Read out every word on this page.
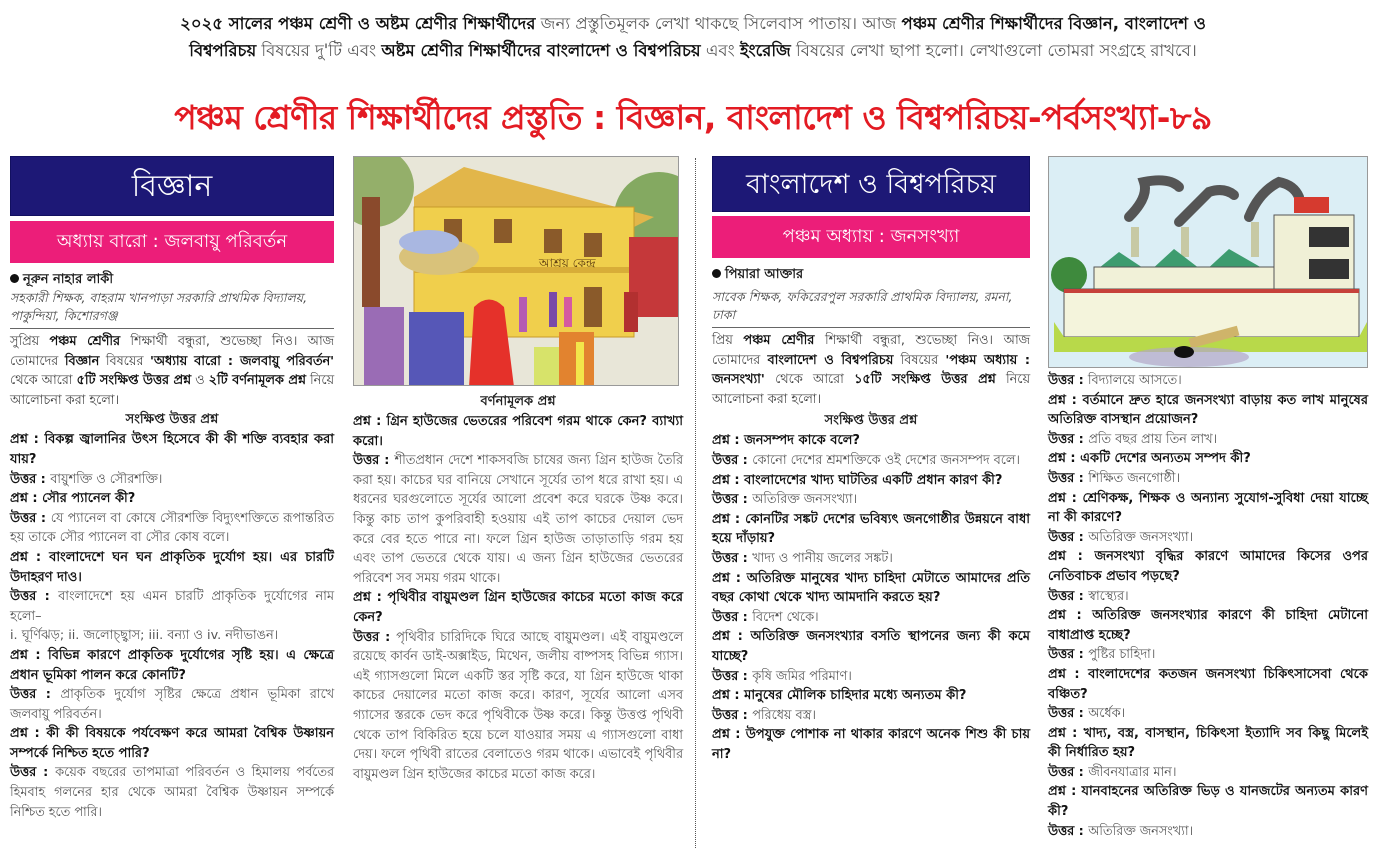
২০২৫ সালের পঞ্চম শ্রেণী ও অষ্টম শ্রেণীর শিক্ষার্থীদের জন্য প্রস্তুতিমূলক লেখা থাকছে সিলেবাস পাতায়। আজ পঞ্চম শ্রেণীর শিক্ষার্থীদের বিজ্ঞান, বাংলাদেশ ও
বিশ্বপরিচয় বিষয়ের দু'টি এবং অষ্টম শ্রেণীর শিক্ষার্থীদের বাংলাদেশ ও বিশ্বপরিচয় এবং ইংরেজি বিষয়ের লেখা ছাপা হলো। লেখাগুলো তোমরা সংগ্রহে রাখবে।
পঞ্চম শ্রেণীর শিক্ষার্থীদের প্রস্তুতি : বিজ্ঞান, বাংলাদেশ ও বিশ্বপরিচয়-পর্বসংখ্যা-৮৯
বিজ্ঞান
অধ্যায় বারো : জলবায়ু পরিবর্তন
নূরুন নাহার লাকী
সহকারী শিক্ষক, বাহরাম খানপাড়া সরকারি প্রাথমিক বিদ্যালয়, পাকুন্দিয়া, কিশোরগঞ্জ
সুপ্রিয় পঞ্চম শ্রেণীর শিক্ষার্থী বন্ধুরা, শুভেচ্ছা নিও। আজ তোমাদের বিজ্ঞান বিষয়ের 'অধ্যায় বারো : জলবায়ু পরিবর্তন' থেকে আরো ৫টি সংক্ষিপ্ত উত্তর প্রশ্ন ও ২টি বর্ণনামূলক প্রশ্ন নিয়ে আলোচনা করা হলো।
সংক্ষিপ্ত উত্তর প্রশ্ন
প্রশ্ন : বিকল্প জ্বালানির উৎস হিসেবে কী কী শক্তি ব্যবহার করা যায়?
উত্তর : বায়ুশক্তি ও সৌরশক্তি।
প্রশ্ন : সৌর প্যানেল কী?
উত্তর : যে প্যানেল বা কোষে সৌরশক্তি বিদ্যুৎশক্তিতে রূপান্তরিত হয় তাকে সৌর প্যানেল বা সৌর কোষ বলে।
প্রশ্ন : বাংলাদেশে ঘন ঘন প্রাকৃতিক দুর্যোগ হয়। এর চারটি উদাহরণ দাও।
উত্তর : বাংলাদেশে হয় এমন চারটি প্রাকৃতিক দুর্যোগের নাম হলো–
i. ঘূর্ণিঝড়; ii. জলোচ্ছ্বাস; iii. বন্যা ও iv. নদীভাঙন।
প্রশ্ন : বিভিন্ন কারণে প্রাকৃতিক দুর্যোগের সৃষ্টি হয়। এ ক্ষেত্রে প্রধান ভূমিকা পালন করে কোনটি?
উত্তর : প্রাকৃতিক দুর্যোগ সৃষ্টির ক্ষেত্রে প্রধান ভূমিকা রাখে জলবায়ু পরিবর্তন।
প্রশ্ন : কী কী বিষয়কে পর্যবেক্ষণ করে আমরা বৈশ্বিক উষ্ণায়ন সম্পর্কে নিশ্চিত হতে পারি?
উত্তর : কয়েক বছরের তাপমাত্রা পরিবর্তন ও হিমালয় পর্বতের হিমবাহ গলনের হার থেকে আমরা বৈশ্বিক উষ্ণায়ন সম্পর্কে নিশ্চিত হতে পারি।
আশ্রয় কেন্দ্র
বর্ণনামূলক প্রশ্ন
প্রশ্ন : গ্রিন হাউজের ভেতরের পরিবেশ গরম থাকে কেন? ব্যাখ্যা করো।
উত্তর : শীতপ্রধান দেশে শাকসবজি চাষের জন্য গ্রিন হাউজ তৈরি করা হয়। কাচের ঘর বানিয়ে সেখানে সূর্যের তাপ ধরে রাখা হয়। এ ধরনের ঘরগুলোতে সূর্যের আলো প্রবেশ করে ঘরকে উষ্ণ করে। কিন্তু কাচ তাপ কুপরিবাহী হওয়ায় এই তাপ কাচের দেয়াল ভেদ করে বের হতে পারে না। ফলে গ্রিন হাউজ তাড়াতাড়ি গরম হয় এবং তাপ ভেতরে থেকে যায়। এ জন্য গ্রিন হাউজের ভেতরের পরিবেশ সব সময় গরম থাকে।
প্রশ্ন : পৃথিবীর বায়ুমণ্ডল গ্রিন হাউজের কাচের মতো কাজ করে কেন?
উত্তর : পৃথিবীর চারিদিকে ঘিরে আছে বায়ুমণ্ডল। এই বায়ুমণ্ডলে রয়েছে কার্বন ডাই-অক্সাইড, মিথেন, জলীয় বাষ্পসহ বিভিন্ন গ্যাস। এই গ্যাসগুলো মিলে একটি স্তর সৃষ্টি করে, যা গ্রিন হাউজে থাকা কাচের দেয়ালের মতো কাজ করে। কারণ, সূর্যের আলো এসব গ্যাসের স্তরকে ভেদ করে পৃথিবীকে উষ্ণ করে। কিন্তু উত্তপ্ত পৃথিবী থেকে তাপ বিকিরিত হয়ে চলে যাওয়ার সময় এ গ্যাসগুলো বাধা দেয়। ফলে পৃথিবী রাতের বেলাতেও গরম থাকে। এভাবেই পৃথিবীর বায়ুমণ্ডল গ্রিন হাউজের কাচের মতো কাজ করে।
বাংলাদেশ ও বিশ্বপরিচয়
পঞ্চম অধ্যায় : জনসংখ্যা
পিয়ারা আক্তার
সাবেক শিক্ষক, ফকিরেরপুল সরকারি প্রাথমিক বিদ্যালয়, রমনা, ঢাকা
প্রিয় পঞ্চম শ্রেণীর শিক্ষার্থী বন্ধুরা, শুভেচ্ছা নিও। আজ তোমাদের বাংলাদেশ ও বিশ্বপরিচয় বিষয়ের 'পঞ্চম অধ্যায় : জনসংখ্যা' থেকে আরো ১৫টি সংক্ষিপ্ত উত্তর প্রশ্ন নিয়ে আলোচনা করা হলো।
সংক্ষিপ্ত উত্তর প্রশ্ন
প্রশ্ন : জনসম্পদ কাকে বলে?
উত্তর : কোনো দেশের শ্রমশক্তিকে ওই দেশের জনসম্পদ বলে।
প্রশ্ন : বাংলাদেশের খাদ্য ঘাটতির একটি প্রধান কারণ কী?
উত্তর : অতিরিক্ত জনসংখ্যা।
প্রশ্ন : কোনটির সঙ্কট দেশের ভবিষ্যৎ জনগোষ্ঠীর উন্নয়নে বাধা হয়ে দাঁড়ায়?
উত্তর : খাদ্য ও পানীয় জলের সঙ্কট।
প্রশ্ন : অতিরিক্ত মানুষের খাদ্য চাহিদা মেটাতে আমাদের প্রতি বছর কোথা থেকে খাদ্য আমদানি করতে হয়?
উত্তর : বিদেশ থেকে।
প্রশ্ন : অতিরিক্ত জনসংখ্যার বসতি স্থাপনের জন্য কী কমে যাচ্ছে?
উত্তর : কৃষি জমির পরিমাণ।
প্রশ্ন : মানুষের মৌলিক চাহিদার মধ্যে অন্যতম কী?
উত্তর : পরিধেয় বস্ত্র।
প্রশ্ন : উপযুক্ত পোশাক না থাকার কারণে অনেক শিশু কী চায় না?
উত্তর : বিদ্যালয়ে আসতে।
প্রশ্ন : বর্তমানে দ্রুত হারে জনসংখ্যা বাড়ায় কত লাখ মানুষের অতিরিক্ত বাসস্থান প্রয়োজন?
উত্তর : প্রতি বছর প্রায় তিন লাখ।
প্রশ্ন : একটি দেশের অন্যতম সম্পদ কী?
উত্তর : শিক্ষিত জনগোষ্ঠী।
প্রশ্ন : শ্রেণিকক্ষ, শিক্ষক ও অন্যান্য সুযোগ-সুবিধা দেয়া যাচ্ছে না কী কারণে?
উত্তর : অতিরিক্ত জনসংখ্যা।
প্রশ্ন : জনসংখ্যা বৃদ্ধির কারণে আমাদের কিসের ওপর নেতিবাচক প্রভাব পড়ছে?
উত্তর : স্বাস্থ্যের।
প্রশ্ন : অতিরিক্ত জনসংখ্যার কারণে কী চাহিদা মেটানো বাধাপ্রাপ্ত হচ্ছে?
উত্তর : পুষ্টির চাহিদা।
প্রশ্ন : বাংলাদেশের কতজন জনসংখ্যা চিকিৎসাসেবা থেকে বঞ্চিত?
উত্তর : অর্ধেক।
প্রশ্ন : খাদ্য, বস্ত্র, বাসস্থান, চিকিৎসা ইত্যাদি সব কিছু মিলেই কী নির্ধারিত হয়?
উত্তর : জীবনযাত্রার মান।
প্রশ্ন : যানবাহনের অতিরিক্ত ভিড় ও যানজটের অন্যতম কারণ কী?
উত্তর : অতিরিক্ত জনসংখ্যা।
